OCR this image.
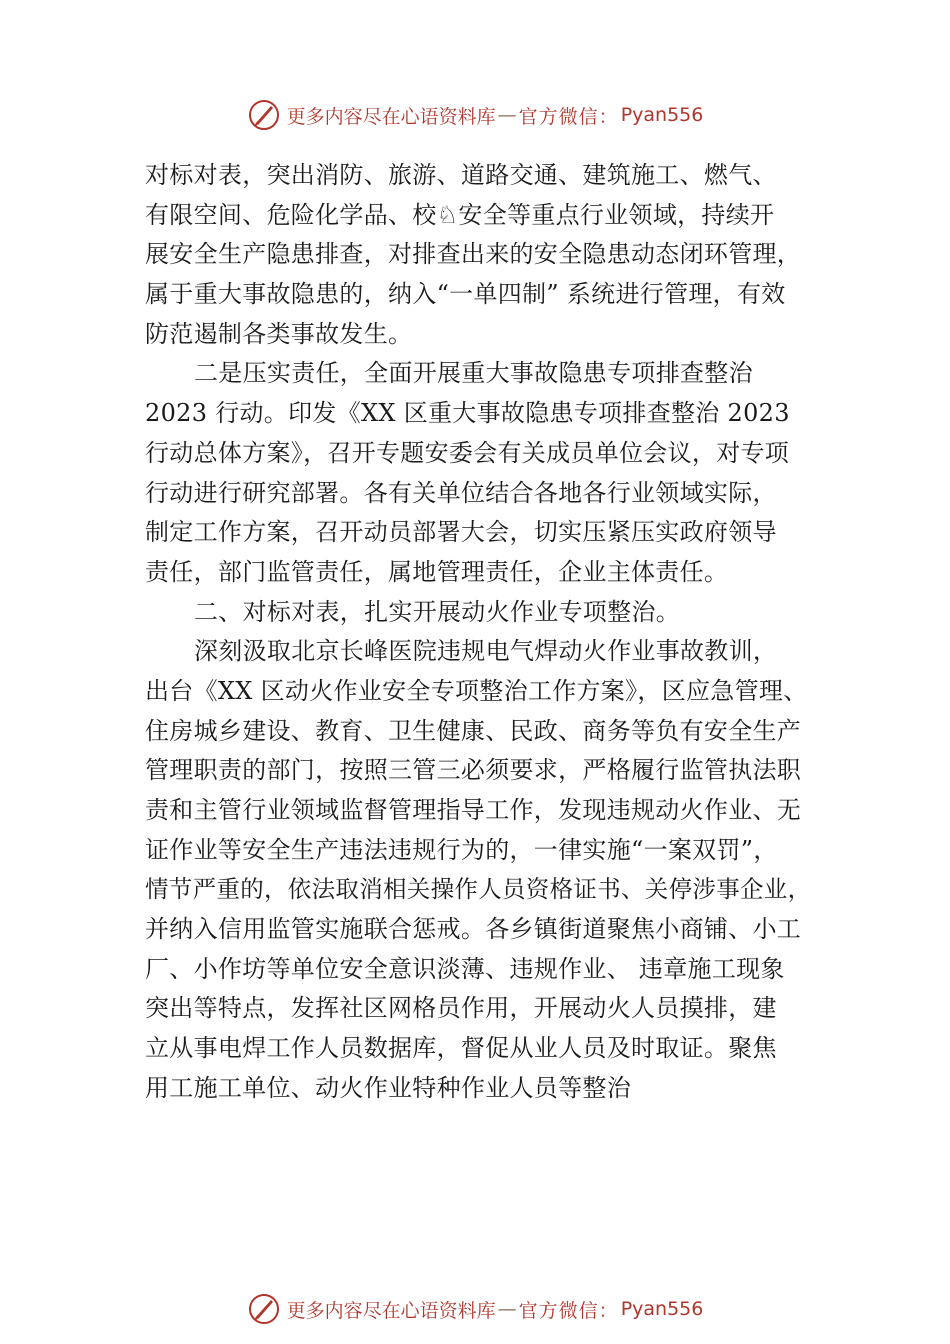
更多内容尽在心语资料库 — 官方微信： Pyan556
对标对表，突出消防、旅游、道路交通、建筑施工、燃气、
有限空间、危险化学品、校♘安全等重点行业领域，持续开
展安全生产隐患排查，对排查出来的安全隐患动态闭环管理，
属于重大事故隐患的，纳入“一单四制” 系统进行管理，有效
防范遏制各类事故发生。
二是压实责任，全面开展重大事故隐患专项排查整治
2023 行动。印发《XX 区重大事故隐患专项排查整治 2023
行动总体方案》，召开专题安委会有关成员单位会议，对专项
行动进行研究部署。各有关单位结合各地各行业领域实际，
制定工作方案，召开动员部署大会，切实压紧压实政府领导
责任，部门监管责任，属地管理责任，企业主体责任。
二、对标对表，扎实开展动火作业专项整治。
深刻汲取北京长峰医院违规电气焊动火作业事故教训，
出台《XX 区动火作业安全专项整治工作方案》，区应急管理、
住房城乡建设、教育、卫生健康、民政、商务等负有安全生产
管理职责的部门，按照三管三必须要求，严格履行监管执法职
责和主管行业领域监督管理指导工作，发现违规动火作业、无
证作业等安全生产违法违规行为的，一律实施“一案双罚”，
情节严重的，依法取消相关操作人员资格证书、关停涉事企业，
并纳入信用监管实施联合惩戒。各乡镇街道聚焦小商铺、小工
厂、小作坊等单位安全意识淡薄、违规作业、 违章施工现象
突出等特点，发挥社区网格员作用，开展动火人员摸排，建
立从事电焊工作人员数据库，督促从业人员及时取证。聚焦
用工施工单位、动火作业特种作业人员等整治
更多内容尽在心语资料库 — 官方微信： Pyan556
